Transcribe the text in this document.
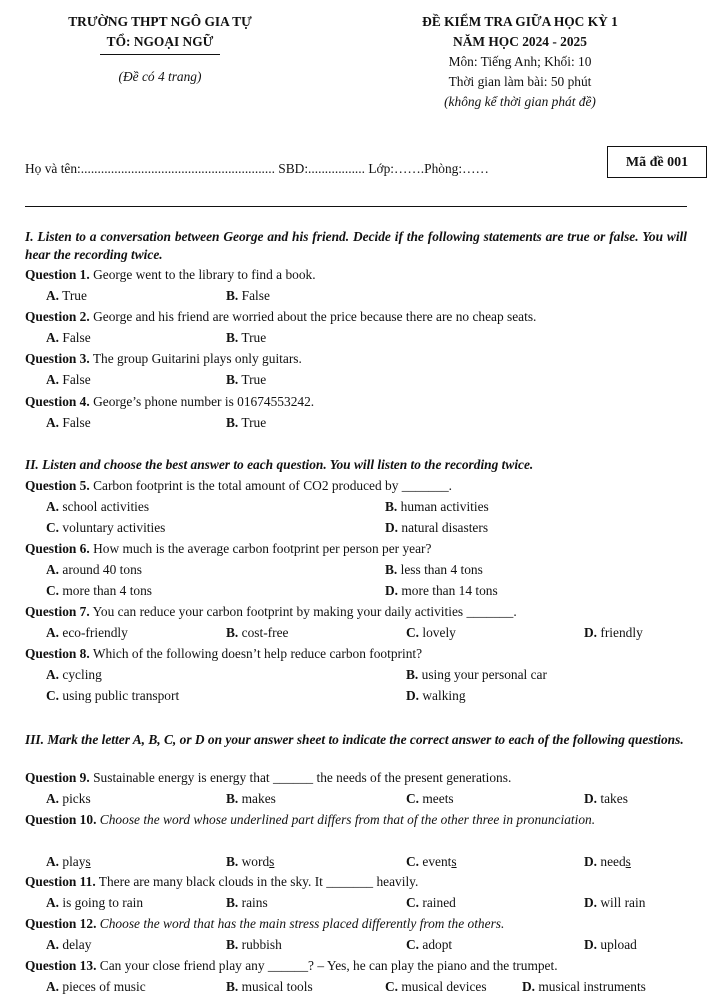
TRƯỜNG THPT NGÔ GIA TỰ
TỔ: NGOẠI NGỮ
(Đề có 4 trang)
ĐỀ KIỂM TRA GIỮA HỌC KỲ 1
NĂM HỌC 2024 - 2025
Môn: Tiếng Anh; Khối: 10
Thời gian làm bài: 50 phút
(không kể thời gian phát đề)
Họ và tên:.......................................................... SBD:................. Lớp:…….Phòng:……	Mã đề 001
I. Listen to a conversation between George and his friend. Decide if the following statements are true or false. You will hear the recording twice.
Question 1. George went to the library to find a book.
A. True	B. False
Question 2. George and his friend are worried about the price because there are no cheap seats.
A. False	B. True
Question 3. The group Guitarini plays only guitars.
A. False	B. True
Question 4. George’s phone number is 01674553242.
A. False	B. True
II. Listen and choose the best answer to each question. You will listen to the recording twice.
Question 5. Carbon footprint is the total amount of CO2 produced by _______.
A. school activities	B. human activities
C. voluntary activities	D. natural disasters
Question 6. How much is the average carbon footprint per person per year?
A. around 40 tons	B. less than 4 tons
C. more than 4 tons	D. more than 14 tons
Question 7. You can reduce your carbon footprint by making your daily activities _______.
A. eco-friendly	B. cost-free	C. lovely	D. friendly
Question 8. Which of the following doesn’t help reduce carbon footprint?
A. cycling	B. using your personal car
C. using public transport	D. walking
III. Mark the letter A, B, C, or D on your answer sheet to indicate the correct answer to each of the following questions.
Question 9. Sustainable energy is energy that ______ the needs of the present generations.
A. picks	B. makes	C. meets	D. takes
Question 10. Choose the word whose underlined part differs from that of the other three in pronunciation.
A. plays	B. words	C. events	D. needs
Question 11. There are many black clouds in the sky. It _______ heavily.
A. is going to rain	B. rains	C. rained	D. will rain
Question 12. Choose the word that has the main stress placed differently from the others.
A. delay	B. rubbish	C. adopt	D. upload
Question 13. Can your close friend play any ______? – Yes, he can play the piano and the trumpet.
A. pieces of music	B. musical tools	C. musical devices	D. musical instruments
